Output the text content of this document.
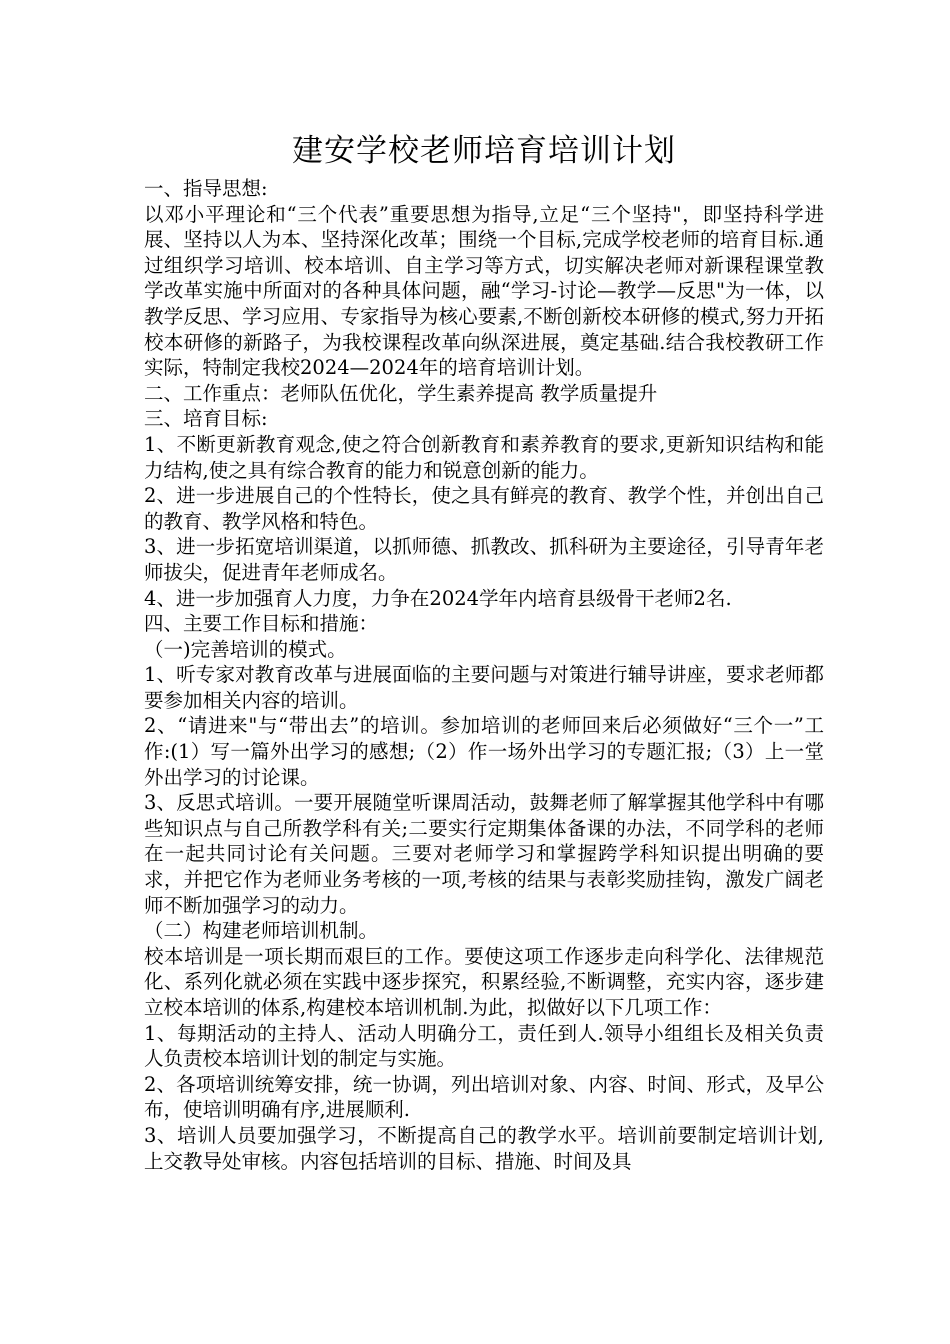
建安学校老师培育培训计划

一、指导思想:

以邓小平理论和“三个代表”重要思想为指导,立足“三个坚持"，即坚持科学进展、坚持以人为本、坚持深化改革；围绕一个目标,完成学校老师的培育目标.通过组织学习培训、校本培训、自主学习等方式，切实解决老师对新课程课堂教学改革实施中所面对的各种具体问题，融“学习-讨论—教学—反思"为一体，以教学反思、学习应用、专家指导为核心要素,不断创新校本研修的模式,努力开拓校本研修的新路子，为我校课程改革向纵深进展，奠定基础.结合我校教研工作实际，特制定我校2024—2024年的培育培训计划。

二、工作重点：老师队伍优化，学生素养提高 教学质量提升

三、培育目标:

1、不断更新教育观念,使之符合创新教育和素养教育的要求,更新知识结构和能力结构,使之具有综合教育的能力和锐意创新的能力。

2、进一步进展自己的个性特长，使之具有鲜亮的教育、教学个性，并创出自己的教育、教学风格和特色。

3、进一步拓宽培训渠道，以抓师德、抓教改、抓科研为主要途径，引导青年老师拔尖，促进青年老师成名。

4、进一步加强育人力度，力争在2024学年内培育县级骨干老师2名.

四、主要工作目标和措施：

（一)完善培训的模式。

1、听专家对教育改革与进展面临的主要问题与对策进行辅导讲座，要求老师都要参加相关内容的培训。

2、“请进来"与“带出去”的培训。参加培训的老师回来后必须做好“三个一”工作:(1）写一篇外出学习的感想;（2）作一场外出学习的专题汇报;（3）上一堂外出学习的讨论课。

3、反思式培训。一要开展随堂听课周活动，鼓舞老师了解掌握其他学科中有哪些知识点与自己所教学科有关;二要实行定期集体备课的办法，不同学科的老师在一起共同讨论有关问题。三要对老师学习和掌握跨学科知识提出明确的要求，并把它作为老师业务考核的一项,考核的结果与表彰奖励挂钩，激发广阔老师不断加强学习的动力。

（二）构建老师培训机制。

校本培训是一项长期而艰巨的工作。要使这项工作逐步走向科学化、法律规范化、系列化就必须在实践中逐步探究，积累经验,不断调整，充实内容，逐步建立校本培训的体系,构建校本培训机制.为此，拟做好以下几项工作：

1、每期活动的主持人、活动人明确分工，责任到人.领导小组组长及相关负责人负责校本培训计划的制定与实施。

2、各项培训统筹安排，统一协调，列出培训对象、内容、时间、形式，及早公布，使培训明确有序,进展顺利.

3、培训人员要加强学习，不断提高自己的教学水平。培训前要制定培训计划,上交教导处审核。内容包括培训的目标、措施、时间及具
